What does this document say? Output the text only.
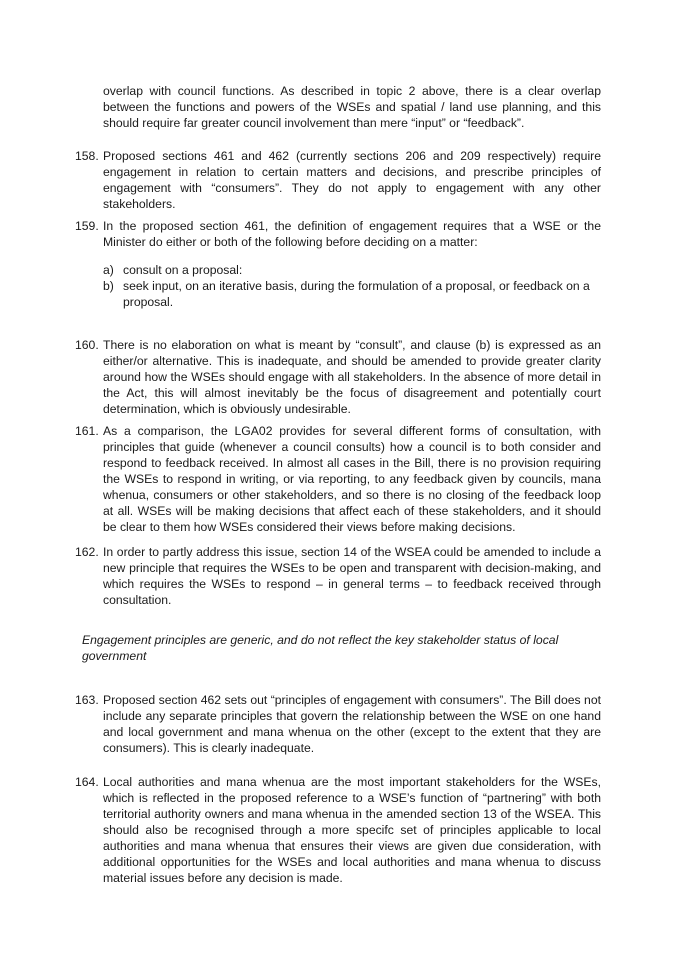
overlap with council functions. As described in topic 2 above, there is a clear overlap between the functions and powers of the WSEs and spatial / land use planning, and this should require far greater council involvement than mere “input” or “feedback”.

158. Proposed sections 461 and 462 (currently sections 206 and 209 respectively) require engagement in relation to certain matters and decisions, and prescribe principles of engagement with “consumers”. They do not apply to engagement with any other stakeholders.
159. In the proposed section 461, the definition of engagement requires that a WSE or the Minister do either or both of the following before deciding on a matter:
a) consult on a proposal:
b) seek input, on an iterative basis, during the formulation of a proposal, or feedback on a proposal.
160. There is no elaboration on what is meant by “consult”, and clause (b) is expressed as an either/or alternative. This is inadequate, and should be amended to provide greater clarity around how the WSEs should engage with all stakeholders. In the absence of more detail in the Act, this will almost inevitably be the focus of disagreement and potentially court determination, which is obviously undesirable.
161. As a comparison, the LGA02 provides for several different forms of consultation, with principles that guide (whenever a council consults) how a council is to both consider and respond to feedback received. In almost all cases in the Bill, there is no provision requiring the WSEs to respond in writing, or via reporting, to any feedback given by councils, mana whenua, consumers or other stakeholders, and so there is no closing of the feedback loop at all. WSEs will be making decisions that affect each of these stakeholders, and it should be clear to them how WSEs considered their views before making decisions.
162. In order to partly address this issue, section 14 of the WSEA could be amended to include a new principle that requires the WSEs to be open and transparent with decision-making, and which requires the WSEs to respond – in general terms – to feedback received through consultation.

Engagement principles are generic, and do not reflect the key stakeholder status of local government

163. Proposed section 462 sets out “principles of engagement with consumers”. The Bill does not include any separate principles that govern the relationship between the WSE on one hand and local government and mana whenua on the other (except to the extent that they are consumers). This is clearly inadequate.
164. Local authorities and mana whenua are the most important stakeholders for the WSEs, which is reflected in the proposed reference to a WSE’s function of “partnering” with both territorial authority owners and mana whenua in the amended section 13 of the WSEA. This should also be recognised through a more specifc set of principles applicable to local authorities and mana whenua that ensures their views are given due consideration, with additional opportunities for the WSEs and local authorities and mana whenua to discuss material issues before any decision is made.
